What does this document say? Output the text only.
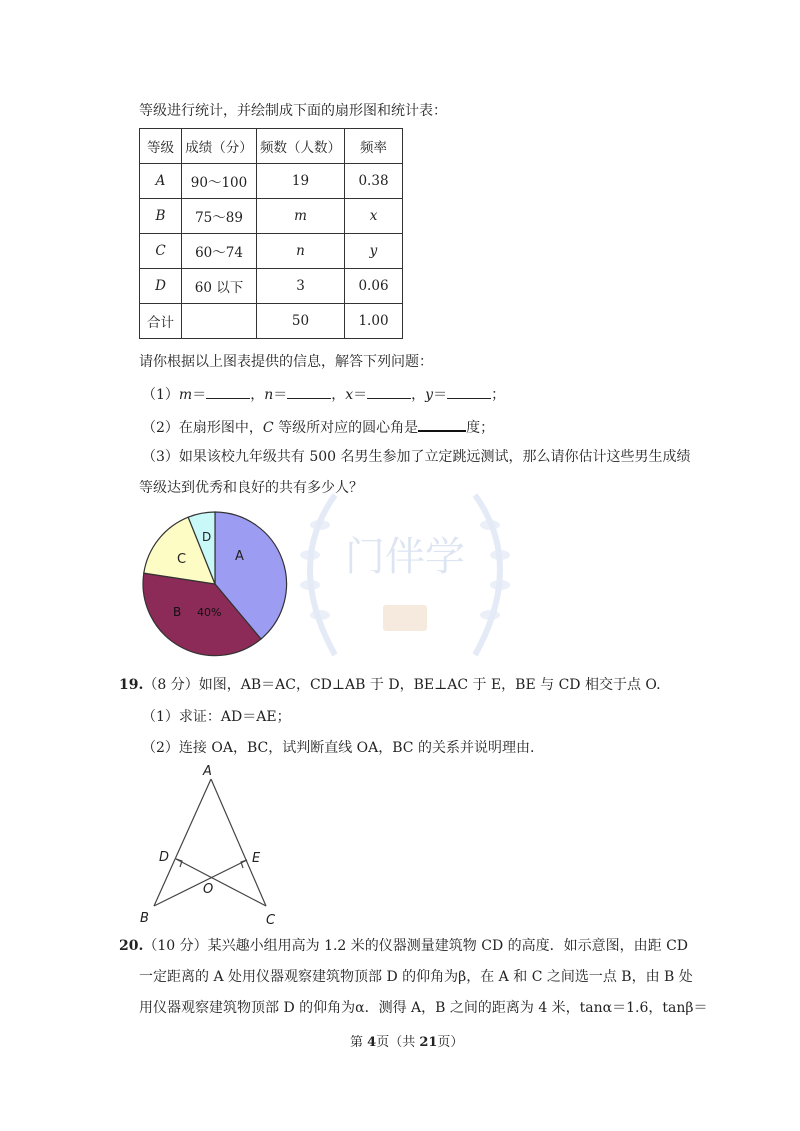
门伴学
等级进行统计，并绘制成下面的扇形图和统计表：
等级	成绩（分）	频数（人数）	频率
A	90～100	19	0.38
B	75～89	m	x
C	60～74	n	y
D	60 以下	3	0.06
合计		50	1.00
请你根据以上图表提供的信息，解答下列问题：
（1）m＝	，n＝	，x＝	，y＝	；
（2）在扇形图中，C 等级所对应的圆心角是	度；
（3）如果该校九年级共有 500 名男生参加了立定跳远测试，那么请你估计这些男生成绩
等级达到优秀和良好的共有多少人？
A
B 40%
C
D
19.（8 分）如图，AB＝AC，CD⊥AB 于 D，BE⊥AC 于 E，BE 与 CD 相交于点 O.
（1）求证：AD＝AE；
（2）连接 OA，BC，试判断直线 OA，BC 的关系并说明理由.
A
B	C
D	E
O
20.（10 分）某兴趣小组用高为 1.2 米的仪器测量建筑物 CD 的高度．如示意图，由距 CD
一定距离的 A 处用仪器观察建筑物顶部 D 的仰角为β，在 A 和 C 之间选一点 B，由 B 处
用仪器观察建筑物顶部 D 的仰角为α．测得 A，B 之间的距离为 4 米，tanα＝1.6，tanβ＝
第 4页（共 21页）
